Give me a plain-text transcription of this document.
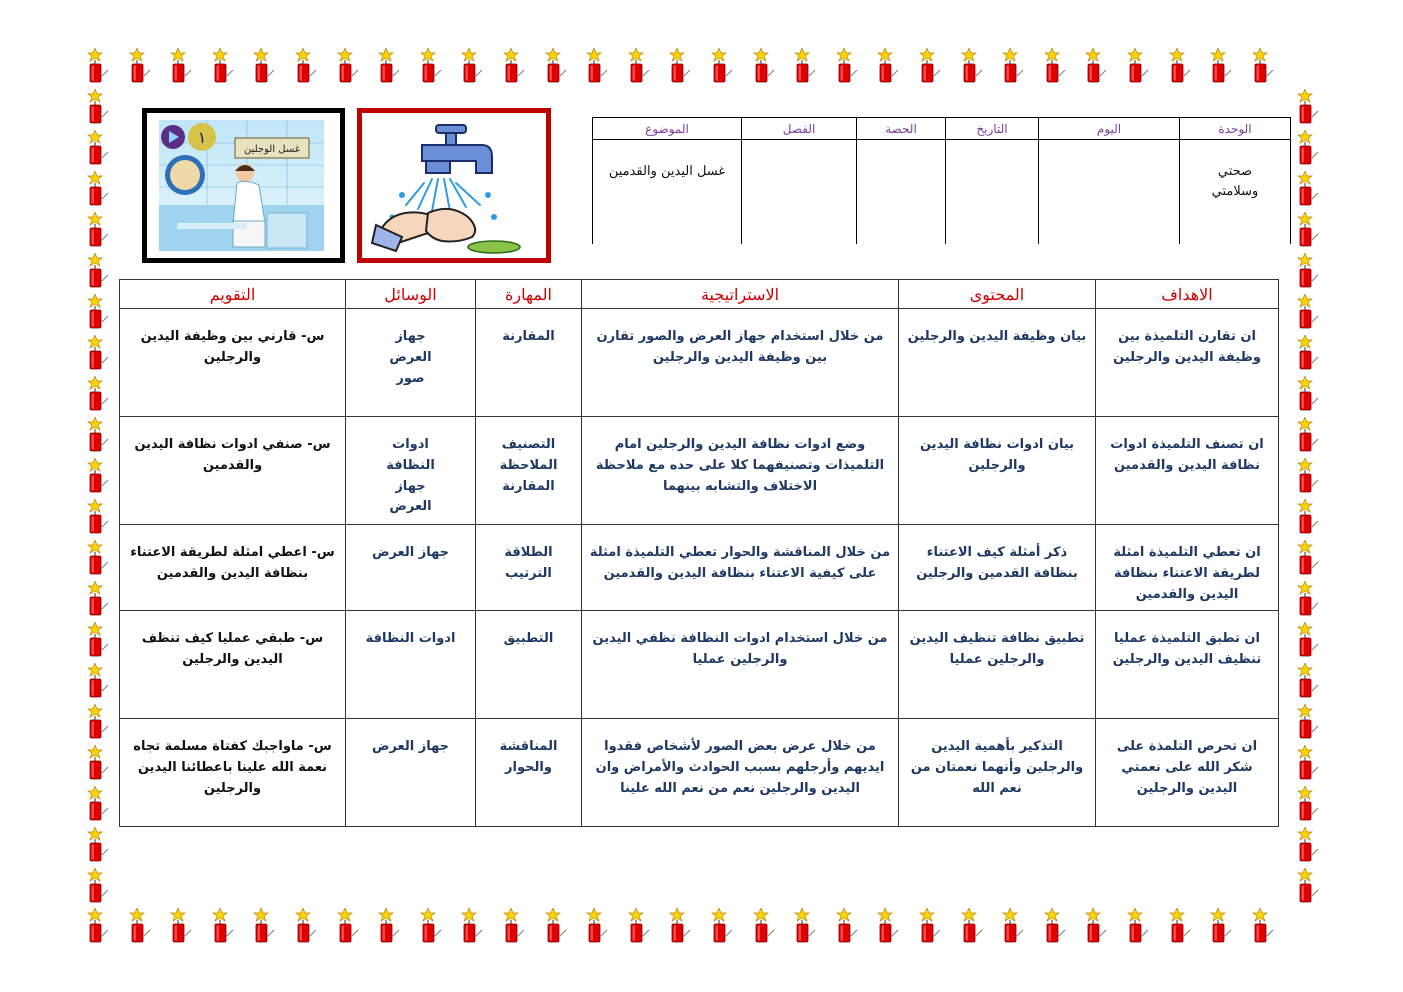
الوحدة	اليوم	التاريخ	الحصة	الفصل	الموضوع
صحتي وسلامتي					غسل اليدين والقدمين
١
غسل الوجلين
الاهداف	المحتوى	الاستراتيجية	المهارة	الوسائل	التقويم
ان تقارن التلميذة بين وظيفة اليدين والرجلين	بيان وظيفة اليدين والرجلين	من خلال استخدام جهاز العرض والصور تقارن بين وظيفة اليدين والرجلين	المقارنة	جهاز العرض صور	س- قارني بين وظيفة اليدين والرجلين
ان تصنف التلميذة ادوات نظافة اليدين والقدمين	بيان ادوات نظافة اليدين والرجلين	وضع ادوات نظافة اليدين والرجلين امام التلميذات وتصنيفهما كلا على حده مع ملاحظة الاختلاف والتشابه بينهما	التصنيف الملاحظة المقارنة	ادوات النظافة جهاز العرض	س- صنفي ادوات نظافة اليدين والقدمين
ان تعطي التلميذة امثلة لطريقة الاعتناء بنظافة اليدين والقدمين	ذكر أمثلة كيف الاعتناء بنظافة القدمين والرجلين	من خلال المناقشة والحوار تعطي التلميذة امثلة على كيفية الاعتناء بنظافة اليدين والقدمين	الطلاقة الترتيب	جهاز العرض	س- اعطي امثلة لطريقة الاعتناء بنظافة اليدين والقدمين
ان تطبق التلميذة عمليا تنظيف اليدين والرجلين	تطبيق نظافة تنظيف اليدين والرجلين عمليا	من خلال استخدام ادوات النظافة نظفي اليدين والرجلين عمليا	التطبيق	ادوات النظافة	س- طبقي عمليا كيف تنظف اليدين والرجلين
ان تحرص التلمذة على شكر الله على نعمتي اليدين والرجلين	التذكير بأهمية اليدين والرجلين وأنهما نعمتان من نعم الله	من خلال عرض بعض الصور لأشخاص فقدوا ايديهم وأرجلهم بسبب الحوادث والأمراض وان اليدين والرجلين نعم من نعم الله علينا	المناقشة والحوار	جهاز العرض	س- ماواجبك كفتاة مسلمة تجاه نعمة الله علينا باعطائنا اليدين والرجلين
